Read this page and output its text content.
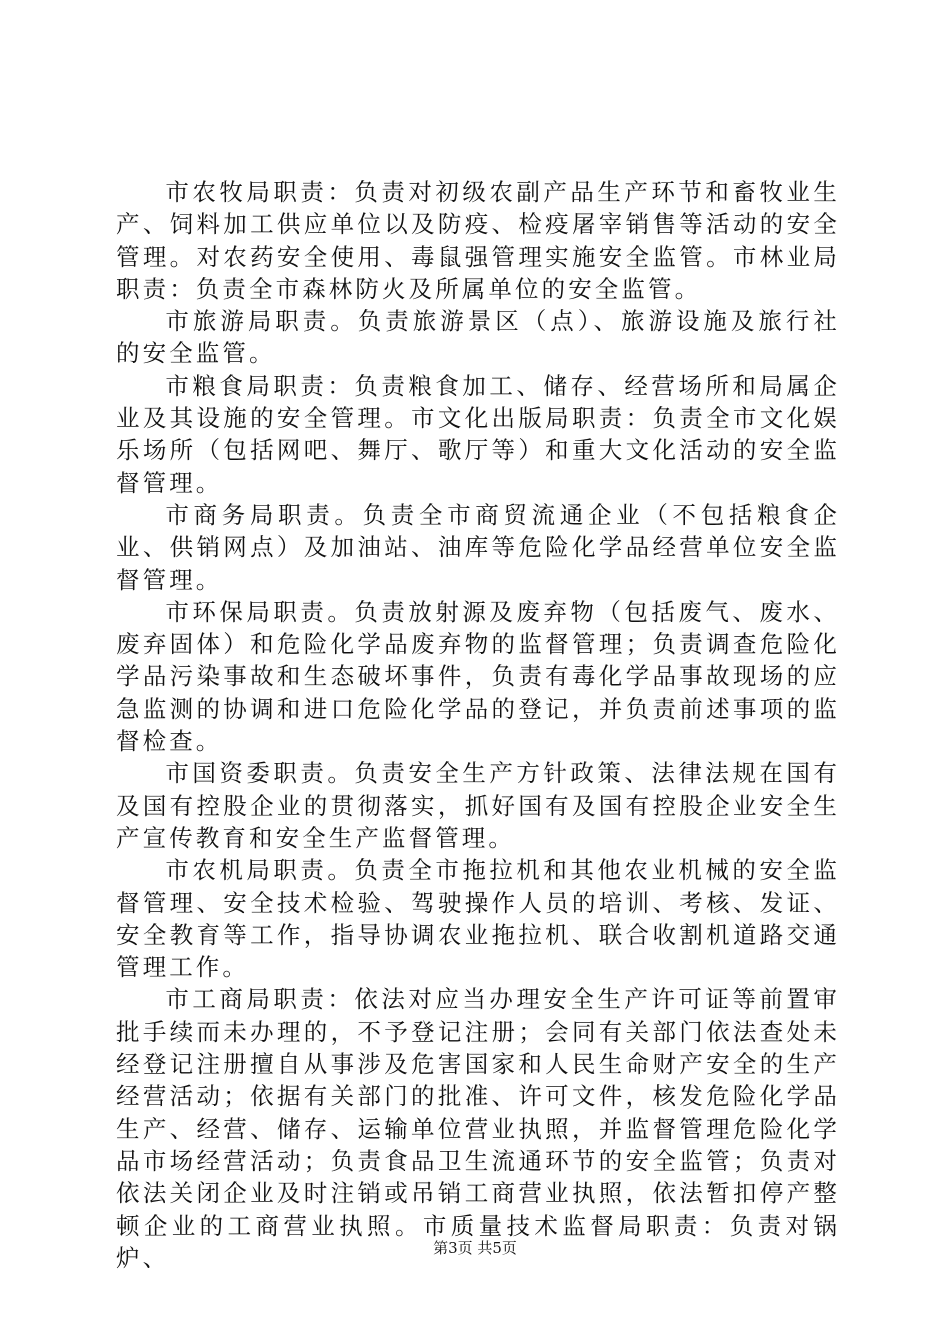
市农牧局职责：负责对初级农副产品生产环节和畜牧业生产、饲料加工供应单位以及防疫、检疫屠宰销售等活动的安全管理。对农药安全使用、毒鼠强管理实施安全监管。市林业局职责：负责全市森林防火及所属单位的安全监管。

市旅游局职责。负责旅游景区（点）、旅游设施及旅行社的安全监管。

市粮食局职责：负责粮食加工、储存、经营场所和局属企业及其设施的安全管理。市文化出版局职责：负责全市文化娱乐场所（包括网吧、舞厅、歌厅等）和重大文化活动的安全监督管理。

市商务局职责。负责全市商贸流通企业（不包括粮食企业、供销网点）及加油站、油库等危险化学品经营单位安全监督管理。

市环保局职责。负责放射源及废弃物（包括废气、废水、废弃固体）和危险化学品废弃物的监督管理；负责调查危险化学品污染事故和生态破坏事件，负责有毒化学品事故现场的应急监测的协调和进口危险化学品的登记，并负责前述事项的监督检查。

市国资委职责。负责安全生产方针政策、法律法规在国有及国有控股企业的贯彻落实，抓好国有及国有控股企业安全生产宣传教育和安全生产监督管理。

市农机局职责。负责全市拖拉机和其他农业机械的安全监督管理、安全技术检验、驾驶操作人员的培训、考核、发证、安全教育等工作，指导协调农业拖拉机、联合收割机道路交通管理工作。

市工商局职责：依法对应当办理安全生产许可证等前置审批手续而未办理的，不予登记注册；会同有关部门依法查处未经登记注册擅自从事涉及危害国家和人民生命财产安全的生产经营活动；依据有关部门的批准、许可文件，核发危险化学品生产、经营、储存、运输单位营业执照，并监督管理危险化学品市场经营活动；负责食品卫生流通环节的安全监管；负责对依法关闭企业及时注销或吊销工商营业执照，依法暂扣停产整顿企业的工商营业执照。市质量技术监督局职责：负责对锅炉、	第3页 共5页
